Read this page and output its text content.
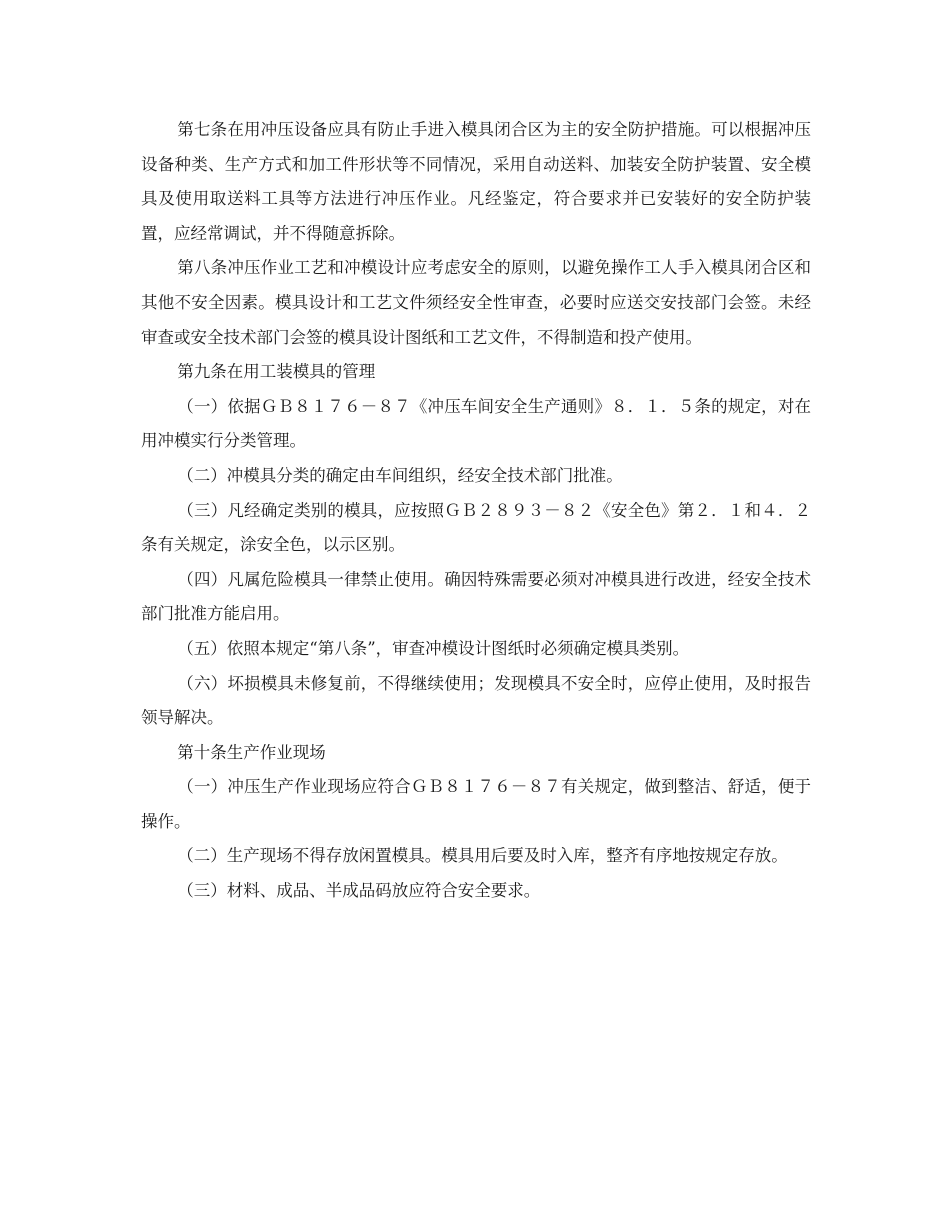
第七条在用冲压设备应具有防止手进入模具闭合区为主的安全防护措施。可以根据冲压设备种类、生产方式和加工件形状等不同情况，采用自动送料、加装安全防护装置、安全模具及使用取送料工具等方法进行冲压作业。凡经鉴定，符合要求并已安装好的安全防护装置，应经常调试，并不得随意拆除。

第八条冲压作业工艺和冲模设计应考虑安全的原则，以避免操作工人手入模具闭合区和其他不安全因素。模具设计和工艺文件须经安全性审查，必要时应送交安技部门会签。未经审查或安全技术部门会签的模具设计图纸和工艺文件，不得制造和投产使用。

第九条在用工装模具的管理

（一）依据ＧＢ８１７６－８７《冲压车间安全生产通则》８．１．５条的规定，对在用冲模实行分类管理。

（二）冲模具分类的确定由车间组织，经安全技术部门批准。

（三）凡经确定类别的模具，应按照ＧＢ２８９３－８２《安全色》第２．１和４．２条有关规定，涂安全色，以示区别。

（四）凡属危险模具一律禁止使用。确因特殊需要必须对冲模具进行改进，经安全技术部门批准方能启用。

（五）依照本规定“第八条”，审查冲模设计图纸时必须确定模具类别。

（六）坏损模具未修复前，不得继续使用；发现模具不安全时，应停止使用，及时报告领导解决。

第十条生产作业现场

（一）冲压生产作业现场应符合ＧＢ８１７６－８７有关规定，做到整洁、舒适，便于操作。

（二）生产现场不得存放闲置模具。模具用后要及时入库，整齐有序地按规定存放。

（三）材料、成品、半成品码放应符合安全要求。
